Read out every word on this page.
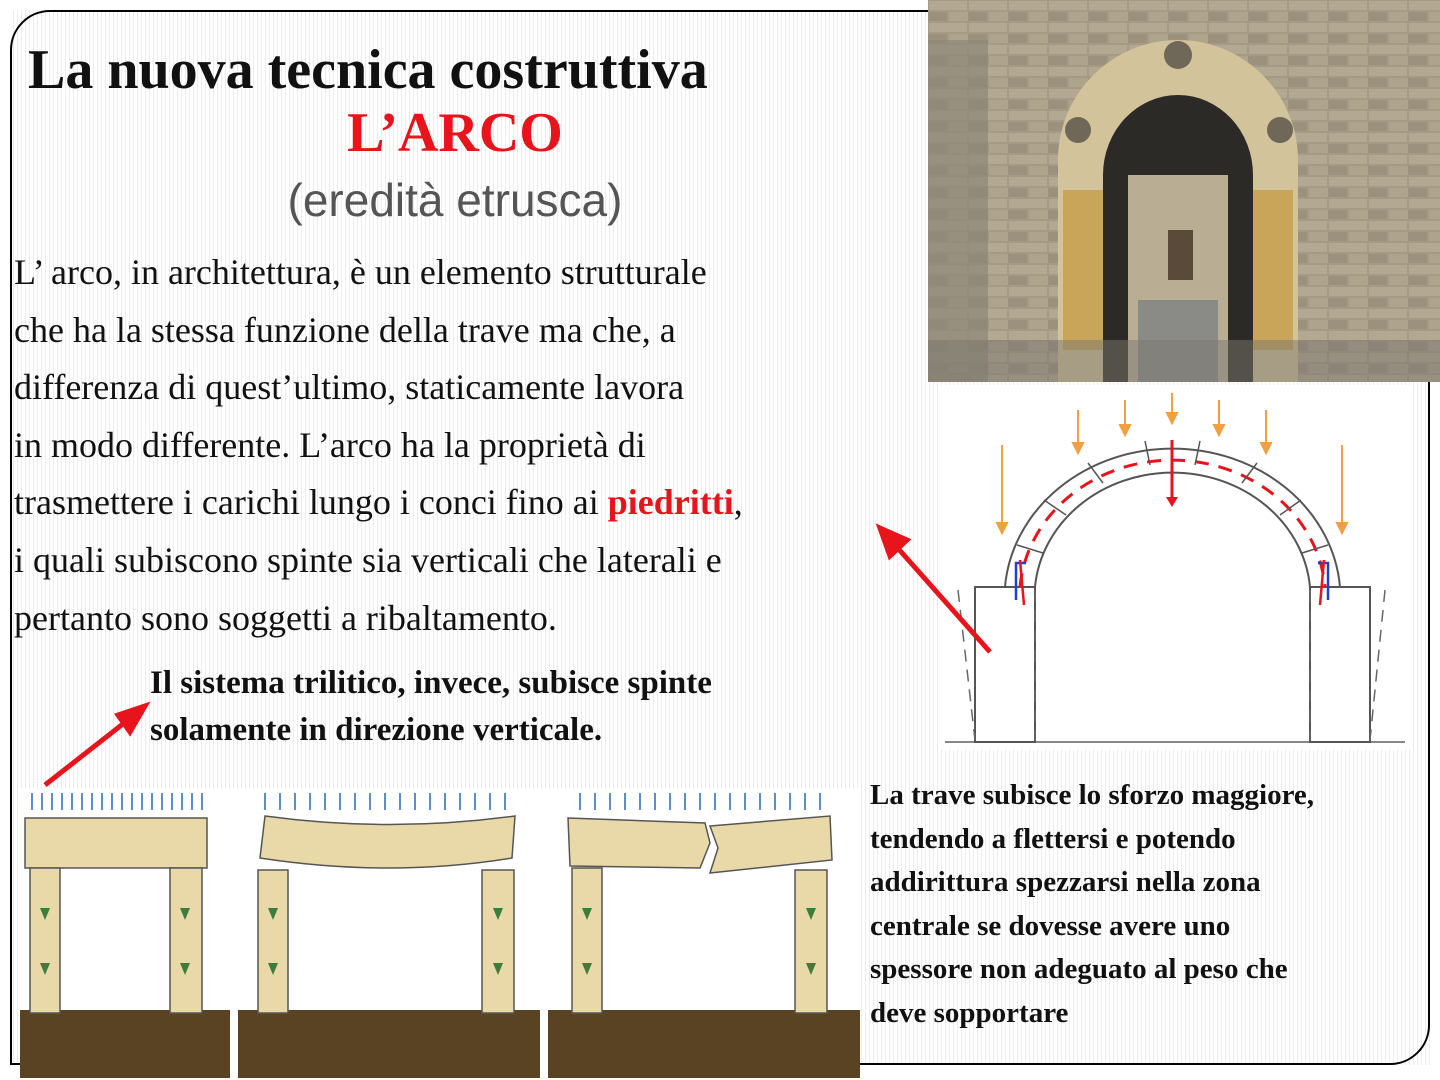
La nuova tecnica costruttiva
L’ARCO
(eredità etrusca)
L’ arco, in architettura, è un elemento strutturale
che ha la stessa funzione della trave ma che, a
differenza di quest’ultimo, staticamente lavora
in modo differente. L’arco ha la proprietà di
trasmettere i carichi lungo i conci fino ai piedritti,
i quali subiscono spinte sia verticali che laterali e
pertanto sono soggetti a ribaltamento.
Il sistema trilitico, invece, subisce spinte
solamente in direzione verticale.
La trave subisce lo sforzo maggiore,
tendendo a flettersi e potendo
addirittura spezzarsi nella zona
centrale se dovesse avere uno
spessore non adeguato al peso che
deve sopportare
